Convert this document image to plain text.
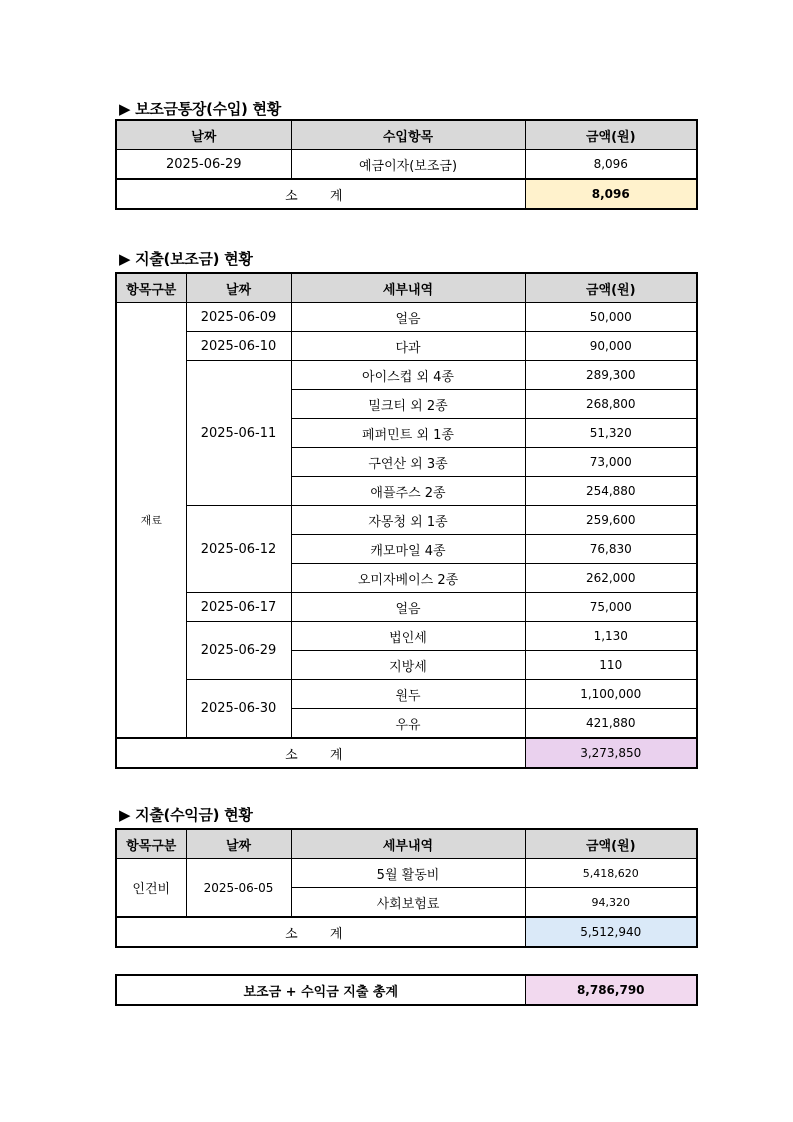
▶ 보조금통장(수입) 현황
날짜	수입항목	금액(원)
2025-06-29	예금이자(보조금)	8,096
소 계		8,096
▶ 지출(보조금) 현황
항목구분	날짜	세부내역	금액(원)
재료	2025-06-09	얼음	50,000
	2025-06-10	다과	90,000
	2025-06-11	아이스컵 외 4종	289,300
		밀크티 외 2종	268,800
		페퍼민트 외 1종	51,320
		구연산 외 3종	73,000
		애플주스 2종	254,880
	2025-06-12	자몽청 외 1종	259,600
		캐모마일 4종	76,830
		오미자베이스 2종	262,000
	2025-06-17	얼음	75,000
	2025-06-29	법인세	1,130
		지방세	110
	2025-06-30	원두	1,100,000
		우유	421,880
소 계			3,273,850
▶ 지출(수익금) 현황
항목구분	날짜	세부내역	금액(원)
인건비	2025-06-05	5월 활동비	5,418,620
		사회보험료	94,320
소 계			5,512,940
보조금 + 수익금 지출 총계	8,786,790
